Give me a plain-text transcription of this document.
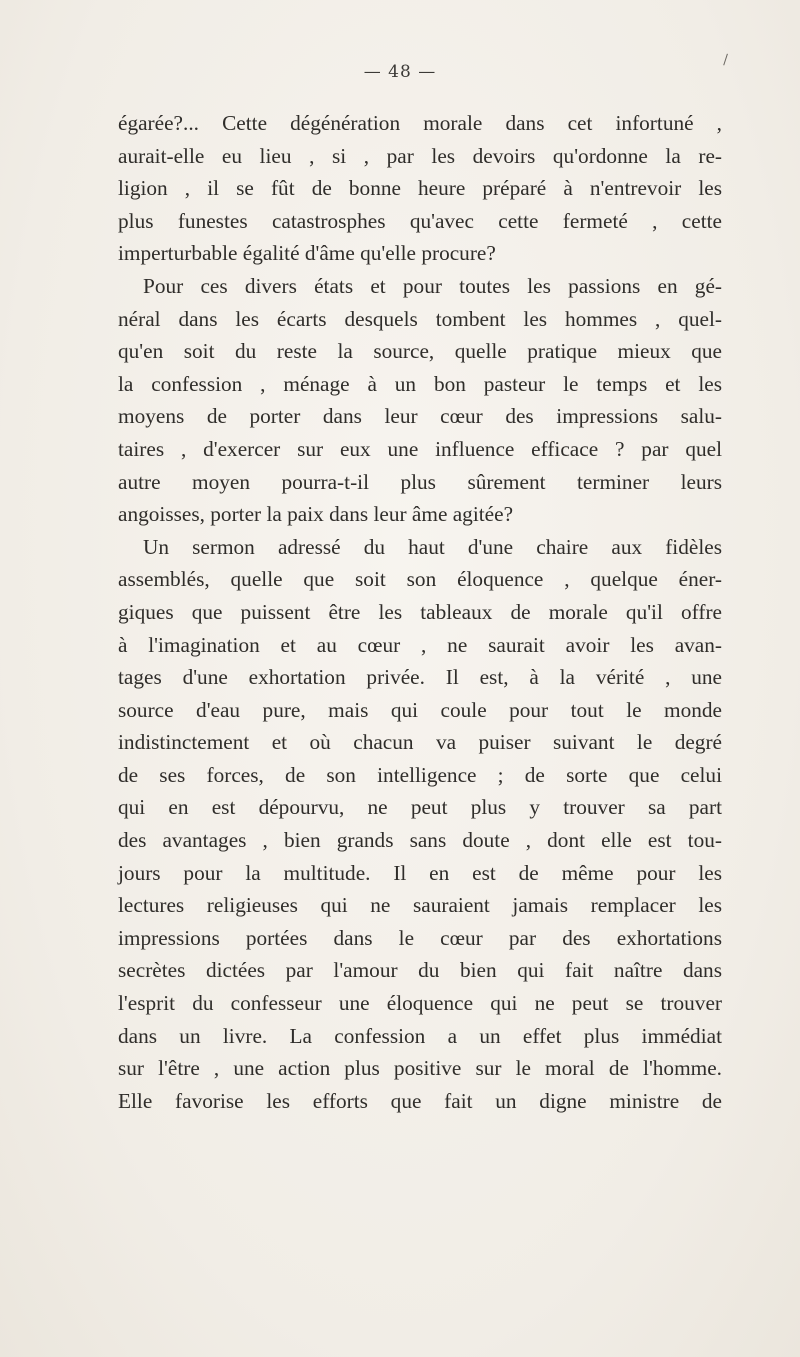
— 48 —
égarée?... Cette dégénération morale dans cet infortuné ,
aurait-elle eu lieu , si , par les devoirs qu'ordonne la re-
ligion , il se fût de bonne heure préparé à n'entrevoir les
plus funestes catastrosphes qu'avec cette fermeté , cette
imperturbable égalité d'âme qu'elle procure?
Pour ces divers états et pour toutes les passions en gé-
néral dans les écarts desquels tombent les hommes , quel-
qu'en soit du reste la source, quelle pratique mieux que
la confession , ménage à un bon pasteur le temps et les
moyens de porter dans leur cœur des impressions salu-
taires , d'exercer sur eux une influence efficace ? par quel
autre moyen pourra-t-il plus sûrement terminer leurs
angoisses, porter la paix dans leur âme agitée?
Un sermon adressé du haut d'une chaire aux fidèles
assemblés, quelle que soit son éloquence , quelque éner-
giques que puissent être les tableaux de morale qu'il offre
à l'imagination et au cœur , ne saurait avoir les avan-
tages d'une exhortation privée. Il est, à la vérité , une
source d'eau pure, mais qui coule pour tout le monde
indistinctement et où chacun va puiser suivant le degré
de ses forces, de son intelligence ; de sorte que celui
qui en est dépourvu, ne peut plus y trouver sa part
des avantages , bien grands sans doute , dont elle est tou-
jours pour la multitude. Il en est de même pour les
lectures religieuses qui ne sauraient jamais remplacer les
impressions portées dans le cœur par des exhortations
secrètes dictées par l'amour du bien qui fait naître dans
l'esprit du confesseur une éloquence qui ne peut se trouver
dans un livre. La confession a un effet plus immédiat
sur l'être , une action plus positive sur le moral de l'homme.
Elle favorise les efforts que fait un digne ministre de
